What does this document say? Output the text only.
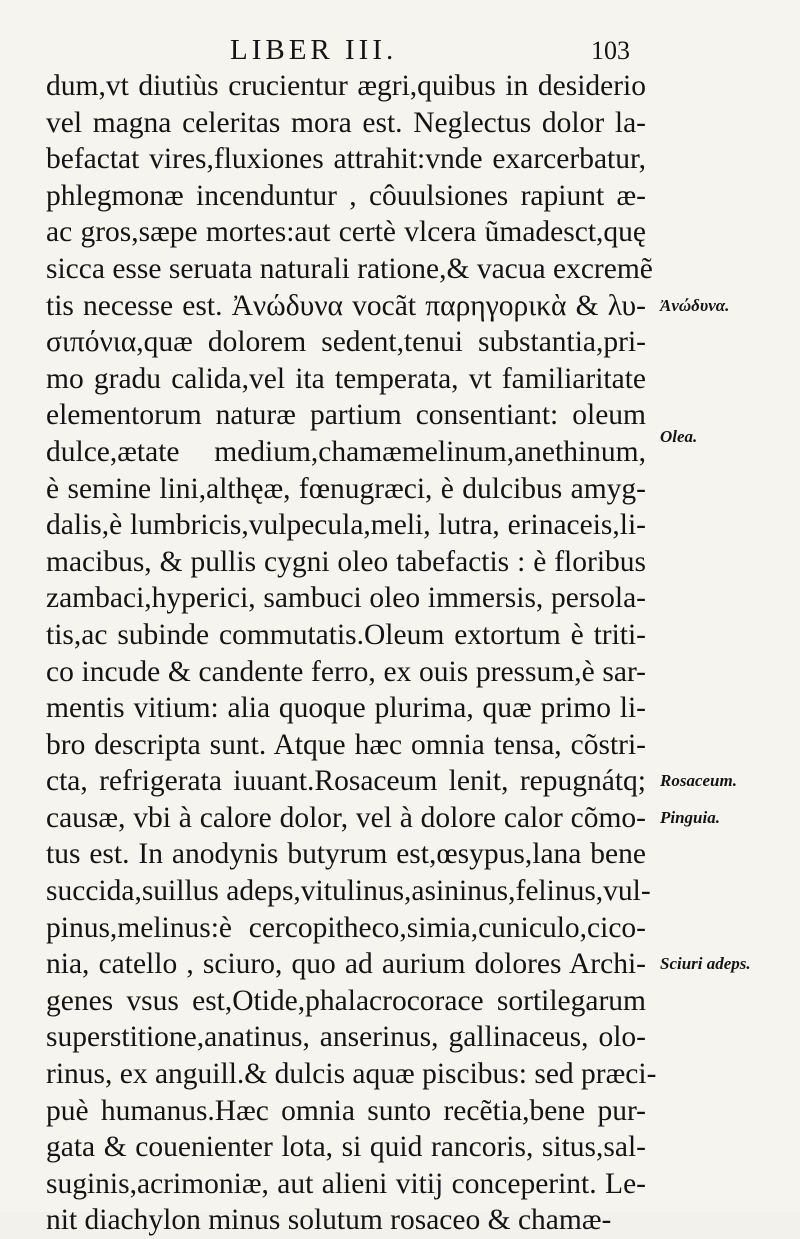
LIBER III.	103
dum,vt diutiùs crucientur ægri,quibus in desiderio
vel magna celeritas mora est. Neglectus dolor la-
befactat vires,fluxiones attrahit:vnde exarcerbatur,
phlegmonæ incenduntur , côuulsiones rapiunt æ-
ac gros,sæpe mortes:aut certè vlcera ũmadesct,quę
sicca esse seruata naturali ratione,& vacua excremẽ
tis necesse est. Ἀνώδυνα vocãt παρηγορικὰ & λυ-
σιπόνια,quæ dolorem sedent,tenui substantia,pri-
mo gradu calida,vel ita temperata, vt familiaritate
elementorum naturæ partium consentiant: oleum
dulce,ætate medium,chamæmelinum,anethinum,
è semine lini,althęæ, fœnugræci, è dulcibus amyg-
dalis,è lumbricis,vulpecula,meli, lutra, erinaceis,li-
macibus, & pullis cygni oleo tabefactis : è floribus
zambaci,hyperici, sambuci oleo immersis, persola-
tis,ac subinde commutatis.Oleum extortum è triti-
co incude & candente ferro, ex ouis pressum,è sar-
mentis vitium: alia quoque plurima, quæ primo li-
bro descripta sunt. Atque hæc omnia tensa, cõstri-
cta, refrigerata iuuant.Rosaceum lenit, repugnátq;
causæ, vbi à calore dolor, vel à dolore calor cõmo-
tus est. In anodynis butyrum est,œsypus,lana bene
succida,suillus adeps,vitulinus,asininus,felinus,vul-
pinus,melinus:è cercopitheco,simia,cuniculo,cico-
nia, catello , sciuro, quo ad aurium dolores Archi-
genes vsus est,Otide,phalacrocorace sortilegarum
superstitione,anatinus, anserinus, gallinaceus, olo-
rinus, ex anguill.& dulcis aquæ piscibus: sed præci-
puè humanus.Hæc omnia sunto recẽtia,bene pur-
gata & couenienter lota, si quid rancoris, situs,sal-
suginis,acrimoniæ, aut alieni vitij conceperint. Le-
nit diachylon minus solutum rosaceo & chamæ-
Ἀνώδυνα.
Olea.
Rosaceum.
Pinguia.
Sciuri adeps.
